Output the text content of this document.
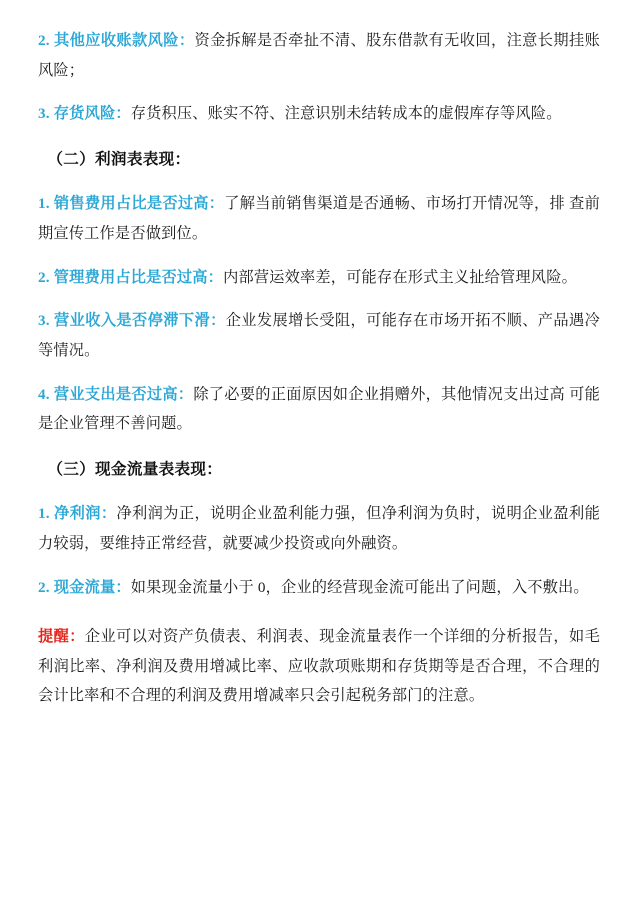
2. 其他应收账款风险：资金拆解是否牵扯不清、股东借款有无收回，注意长期挂账风险；

3. 存货风险：存货积压、账实不符、注意识别未结转成本的虚假库存等风险。

（二）利润表表现：

1. 销售费用占比是否过高：了解当前销售渠道是否通畅、市场打开情况等，排 查前期宣传工作是否做到位。

2. 管理费用占比是否过高：内部营运效率差，可能存在形式主义扯给管理风险。

3. 营业收入是否停滞下滑：企业发展增长受阻，可能存在市场开拓不顺、产品遇冷等情况。

4. 营业支出是否过高：除了必要的正面原因如企业捐赠外，其他情况支出过高 可能是企业管理不善问题。

（三）现金流量表表现：

1. 净利润：净利润为正，说明企业盈利能力强，但净利润为负时，说明企业盈利能力较弱，要维持正常经营，就要减少投资或向外融资。

2. 现金流量：如果现金流量小于 0，企业的经营现金流可能出了问题，入不敷出。

提醒：企业可以对资产负债表、利润表、现金流量表作一个详细的分析报告，如毛利润比率、净利润及费用增减比率、应收款项账期和存货期等是否合理，不合理的会计比率和不合理的利润及费用增减率只会引起税务部门的注意。
